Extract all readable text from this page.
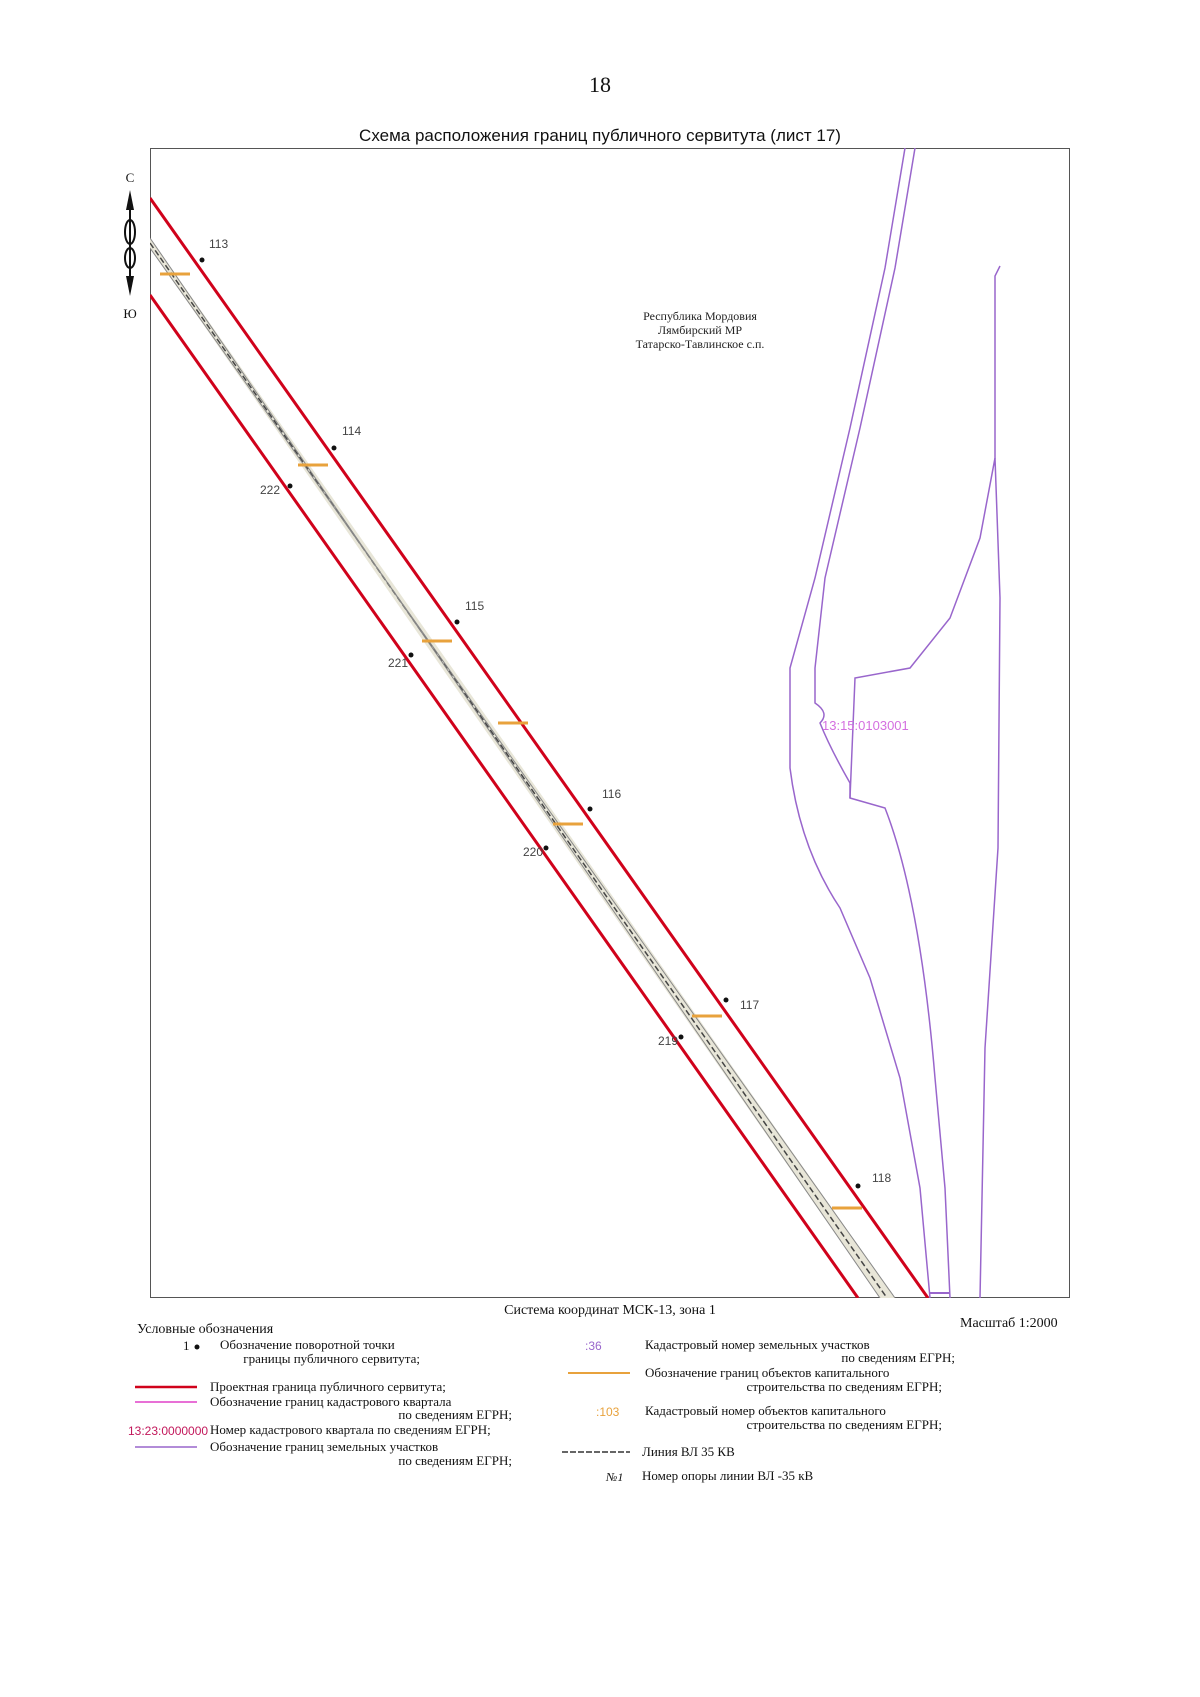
18
Схема расположения границ публичного сервитута (лист 17)
Республика Мордовия
Лямбирский МР
Татарско-Тавлинское с.п.
13:15:0103001
113
114
115
116
117
118
222
221
220
219
С
Ю
Система координат МСК-13, зона 1
Масштаб 1:2000
Условные обозначения
1 Обозначение поворотной точки
границы публичного сервитута;
Проектная граница публичного сервитута;
Обозначение границ кадастрового квартала
по сведениям ЕГРН;
13:23:0000000 Номер кадастрового квартала по сведениям ЕГРН;
Обозначение границ земельных участков
по сведениям ЕГРН;
:36	Кадастровый номер земельных участков
по сведениям ЕГРН;
Обозначение границ объектов капитального
строительства по сведениям ЕГРН;
:103	Кадастровый номер объектов капитального
строительства по сведениям ЕГРН;
Линия ВЛ 35 КВ
№1	Номер опоры линии ВЛ -35 кВ
